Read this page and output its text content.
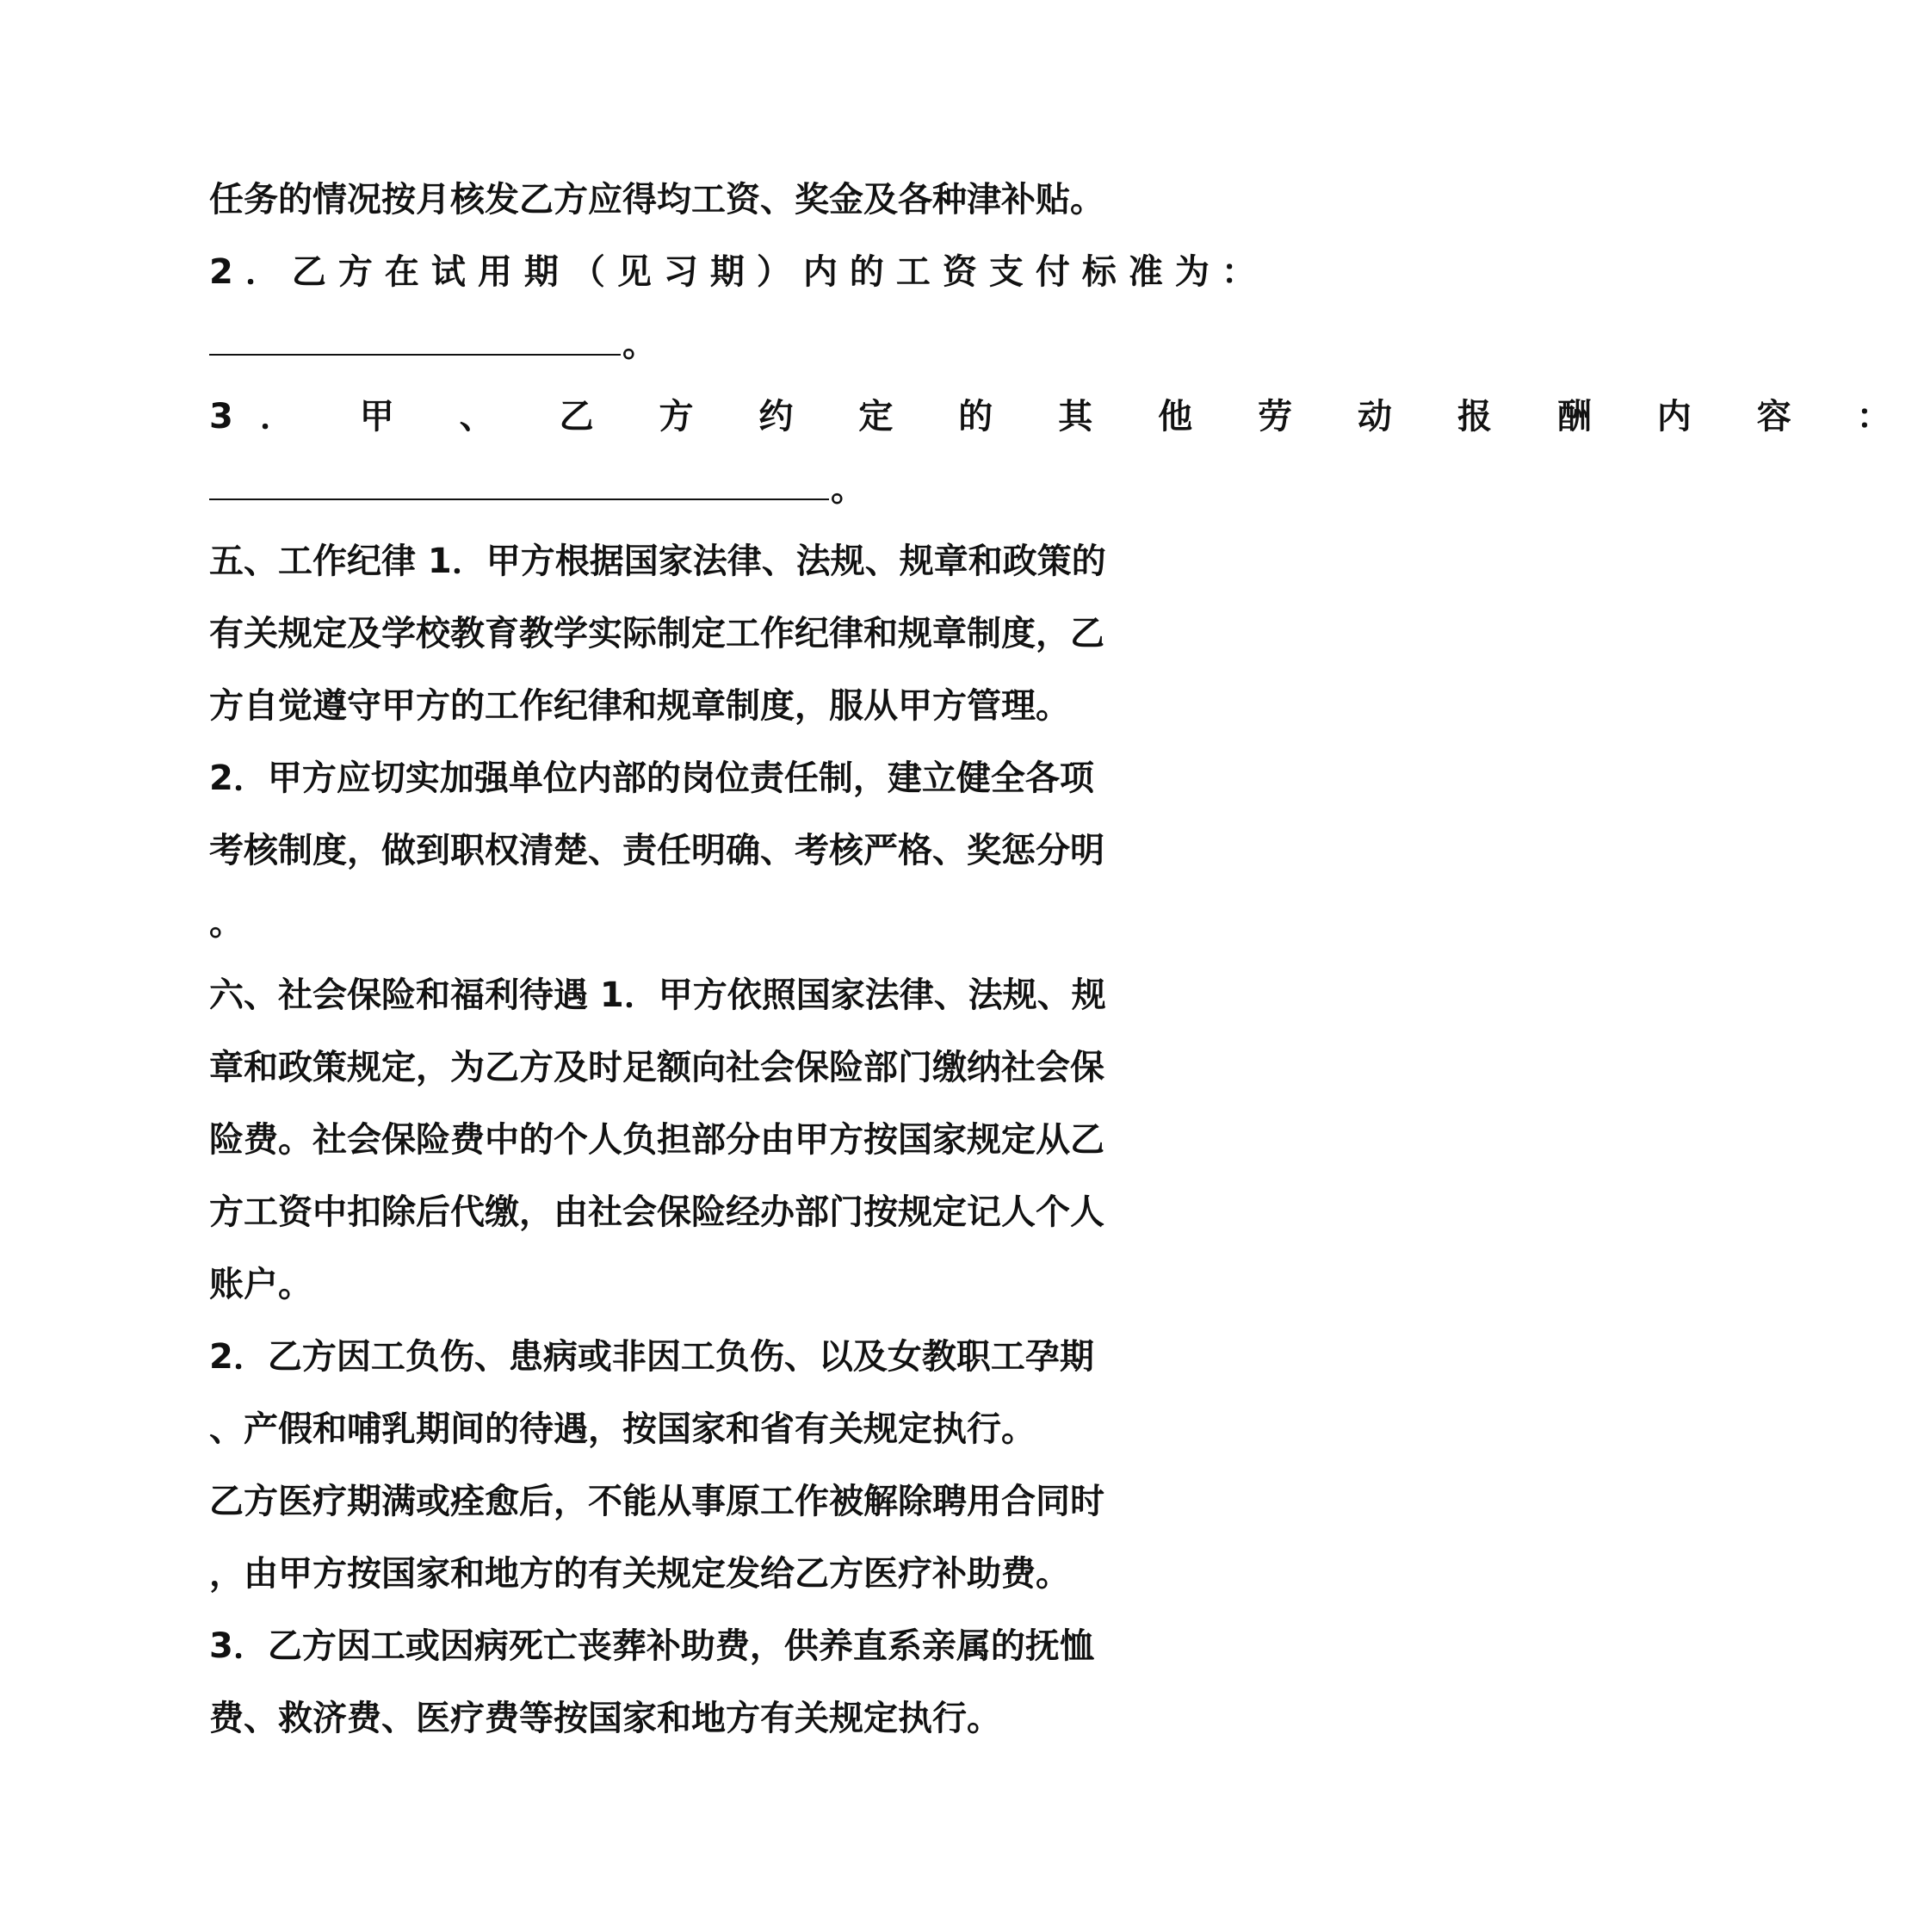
任务的情况按月核发乙方应得均工资、奖金及各种津补贴。
2．乙方在试用期（见习期）内的工资支付标准为：
。
3． 甲 、 乙 方 约 定 的 其 他 劳 动 报 酬 内 容 ：
。
五、工作纪律 1．甲方根据国家法律、法规、规章和政策的
有关规定及学校教育教学实际制定工作纪律和规章制度，乙
方自觉遵守甲方的工作纪律和规章制度，服从甲方管理。
2．甲方应切实加强单位内部的岗位责任制，建立健全各项
考核制度，做到职权清楚、责任明确、考核严格、奖惩分明
。
六、社会保险和福利待遇 1．甲方依照国家法律、法规、规
章和政策规定，为乙方及时足额向社会保险部门缴纳社会保
险费。社会保险费中的个人负担部分由甲方按国家规定从乙
方工资中扣除后代缴，由社会保险经办部门按规定记人个人
账户。
2．乙方因工负伤、患病或非因工负伤、以及女教职工孕期
、产假和哺乳期间的待遇，按国家和省有关规定执行。
乙方医疗期满或痊愈后，不能从事原工作被解除聘用合同时
，由甲方按国家和地方的有关规定发给乙方医疗补助费。
3．乙方因工或因病死亡丧葬补助费，供养直系亲属的抚恤
费、救济费、医疗费等按国家和地方有关规定执行。
